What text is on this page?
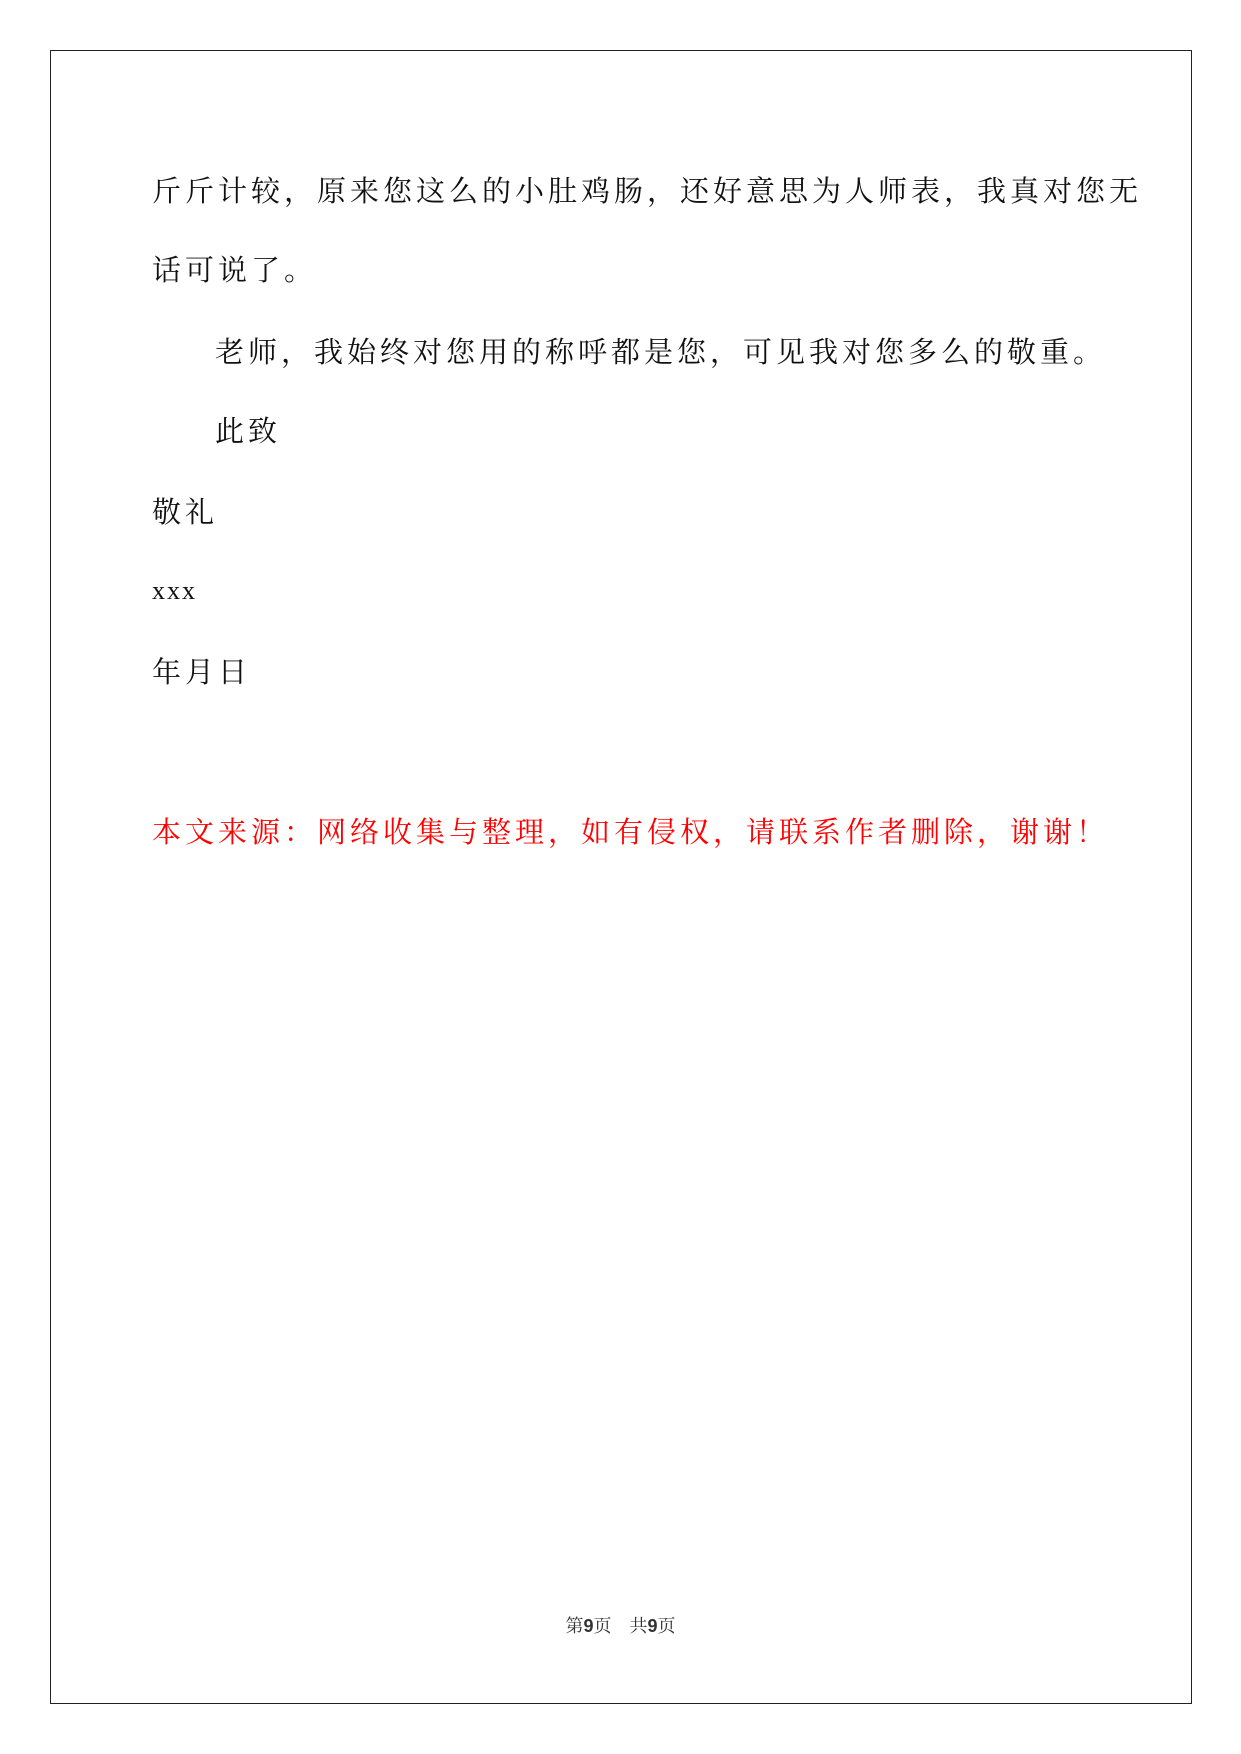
斤斤计较，原来您这么的小肚鸡肠，还好意思为人师表，我真对您无
话可说了。
老师，我始终对您用的称呼都是您，可见我对您多么的敬重。
此致
敬礼
xxx
年月日
本文来源：网络收集与整理，如有侵权，请联系作者删除，谢谢！
第9页 共9页
